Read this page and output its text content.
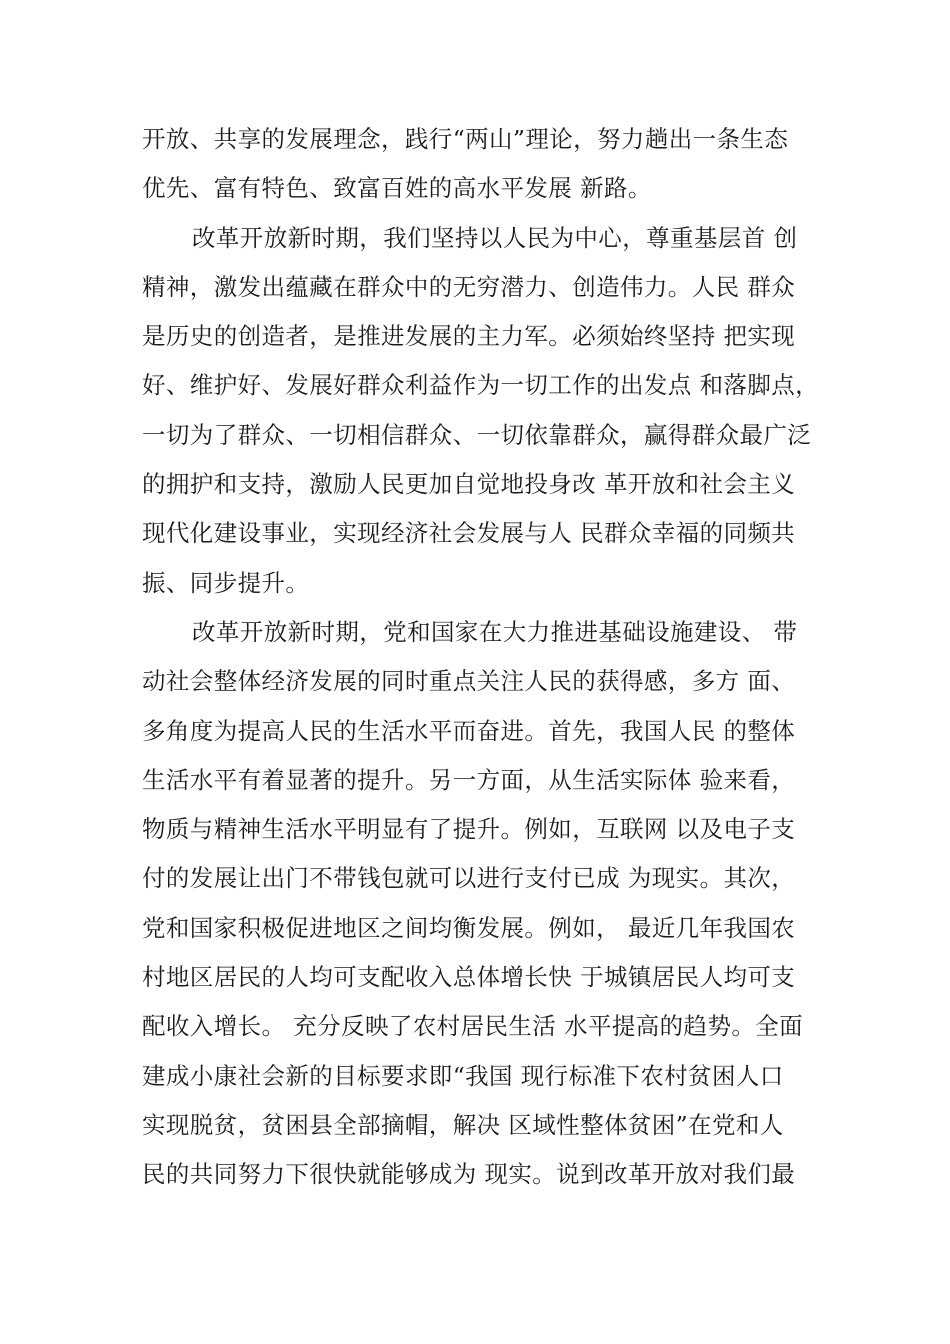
开放、共享的发展理念，践行“两山”理论，努力趟出一条生态
优先、富有特色、致富百姓的高水平发展 新路。
改革开放新时期，我们坚持以人民为中心，尊重基层首 创
精神，激发出蕴藏在群众中的无穷潜力、创造伟力。人民 群众
是历史的创造者，是推进发展的主力军。必须始终坚持 把实现
好、维护好、发展好群众利益作为一切工作的出发点 和落脚点，
一切为了群众、一切相信群众、一切依靠群众，赢得群众最广泛
的拥护和支持，激励人民更加自觉地投身改 革开放和社会主义
现代化建设事业，实现经济社会发展与人 民群众幸福的同频共
振、同步提升。
改革开放新时期，党和国家在大力推进基础设施建设、 带
动社会整体经济发展的同时重点关注人民的获得感，多方 面、
多角度为提高人民的生活水平而奋进。首先，我国人民 的整体
生活水平有着显著的提升。另一方面，从生活实际体 验来看，
物质与精神生活水平明显有了提升。例如，互联网 以及电子支
付的发展让出门不带钱包就可以进行支付已成 为现实。其次，
党和国家积极促进地区之间均衡发展。例如， 最近几年我国农
村地区居民的人均可支配收入总体增长快 于城镇居民人均可支
配收入增长。 充分反映了农村居民生活 水平提高的趋势。全面
建成小康社会新的目标要求即“我国 现行标准下农村贫困人口
实现脱贫，贫困县全部摘帽，解决 区域性整体贫困”在党和人
民的共同努力下很快就能够成为 现实。说到改革开放对我们最
